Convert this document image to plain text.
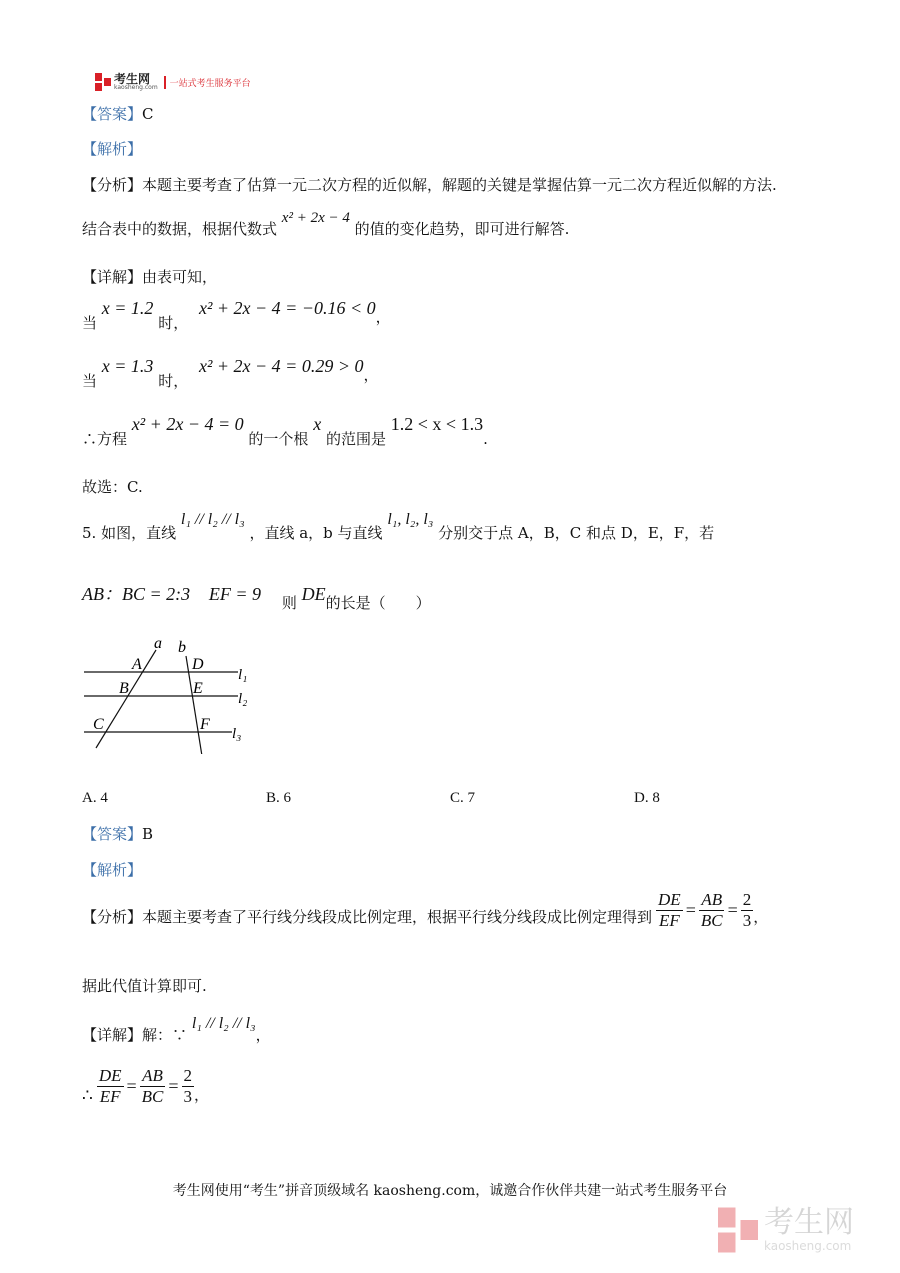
考生网
kaosheng.com	一站式考生服务平台
【答案】C
【解析】
【分析】本题主要考查了估算一元二次方程的近似解，解题的关键是掌握估算一元二次方程近似解的方法.
结合表中的数据，根据代数式 x² + 2x − 4 的值的变化趋势，即可进行解答.
【详解】由表可知，
当 x = 1.2 时， x² + 2x − 4 = −0.16 < 0，
当 x = 1.3 时， x² + 2x − 4 = 0.29 > 0，
∴方程 x² + 2x − 4 = 0 的一个根 x 的范围是 1.2 < x < 1.3.
故选：C.
5. 如图，直线 l₁ // l₂ // l₃ ，直线 a，b 与直线 l₁, l₂, l₃ 分别交于点 A，B，C 和点 D，E，F，若
AB：BC = 2:3 EF = 9 则 DE的长是（　　）
a b
A	D
B	E
C	F
l₁
l₂
l₃
A. 4	B. 6	C. 7	D. 8
【答案】B
【解析】
【分析】 本题主要考查了平行线分线段成比例定理，根据平行线分线段成比例定理得到 $\frac{DE}{EF} = \frac{AB}{BC} = \frac{2}{3}$ ，
据此代值计算即可.
【详解】解：∵ l₁ // l₂ // l₃，
∴ $\frac{DE}{EF} = \frac{AB}{BC} = \frac{2}{3}$ ，
考生网使用“考生”拼音顶级域名 kaosheng.com，诚邀合作伙伴共建一站式考生服务平台
考生网
kaosheng.com
